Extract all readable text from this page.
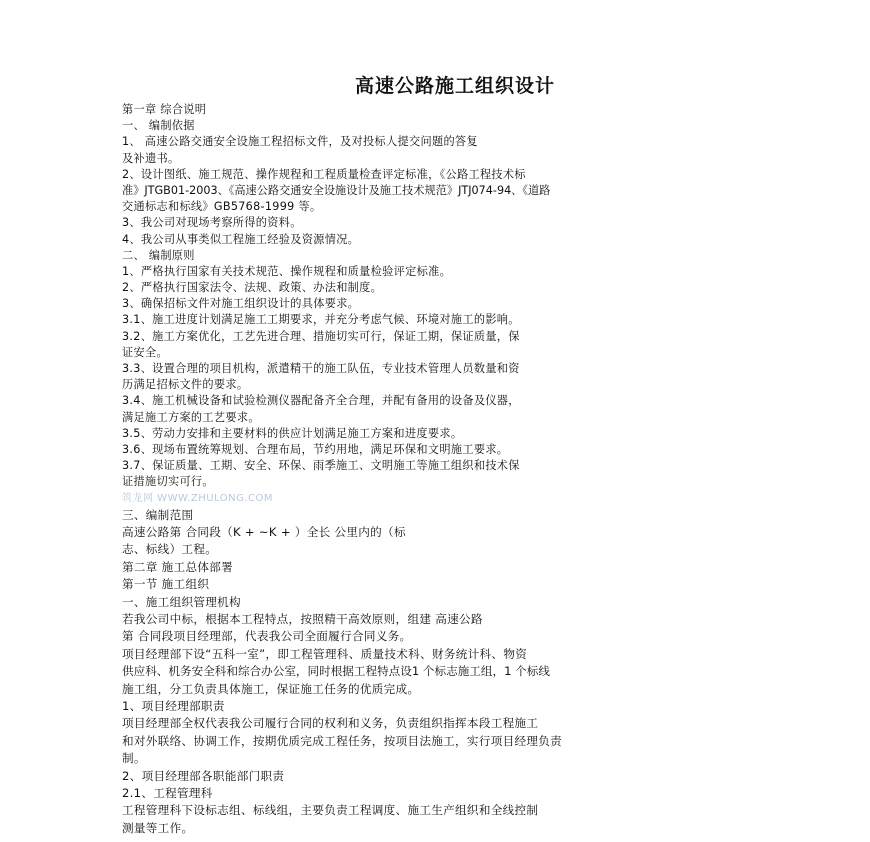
高速公路施工组织设计
第一章 综合说明
一、 编制依据
1、 高速公路交通安全设施工程招标文件，及对投标人提交问题的答复
及补遗书。
2、设计图纸、施工规范、操作规程和工程质量检查评定标准，《公路工程技术标
准》JTGB01-2003、《高速公路交通安全设施设计及施工技术规范》JTJ074-94、《道路
交通标志和标线》GB5768-1999 等。
3、我公司对现场考察所得的资料。
4、我公司从事类似工程施工经验及资源情况。
二、 编制原则
1、严格执行国家有关技术规范、操作规程和质量检验评定标准。
2、严格执行国家法令、法规、政策、办法和制度。
3、确保招标文件对施工组织设计的具体要求。
3.1、施工进度计划满足施工工期要求，并充分考虑气候、环境对施工的影响。
3.2、施工方案优化，工艺先进合理、措施切实可行，保证工期，保证质量，保
证安全。
3.3、设置合理的项目机构，派遣精干的施工队伍，专业技术管理人员数量和资
历满足招标文件的要求。
3.4、施工机械设备和试验检测仪器配备齐全合理，并配有备用的设备及仪器，
满足施工方案的工艺要求。
3.5、劳动力安排和主要材料的供应计划满足施工方案和进度要求。
3.6、现场布置统筹规划、合理布局，节约用地，满足环保和文明施工要求。
3.7、保证质量、工期、安全、环保、雨季施工、文明施工等施工组织和技术保
证措施切实可行。
筑龙网 WWW.ZHULONG.COM
三、编制范围
高速公路第 合同段（K + ~K + ）全长 公里内的（标
志、标线）工程。
第二章 施工总体部署
第一节 施工组织
一、施工组织管理机构
若我公司中标，根据本工程特点，按照精干高效原则，组建 高速公路
第 合同段项目经理部，代表我公司全面履行合同义务。
项目经理部下设“五科一室”，即工程管理科、质量技术科、财务统计科、物资
供应科、机务安全科和综合办公室，同时根据工程特点设1 个标志施工组，1 个标线
施工组，分工负责具体施工，保证施工任务的优质完成。
1、项目经理部职责
项目经理部全权代表我公司履行合同的权利和义务，负责组织指挥本段工程施工
和对外联络、协调工作，按期优质完成工程任务，按项目法施工，实行项目经理负责
制。
2、项目经理部各职能部门职责
2.1、工程管理科
工程管理科下设标志组、标线组，主要负责工程调度、施工生产组织和全线控制
测量等工作。
